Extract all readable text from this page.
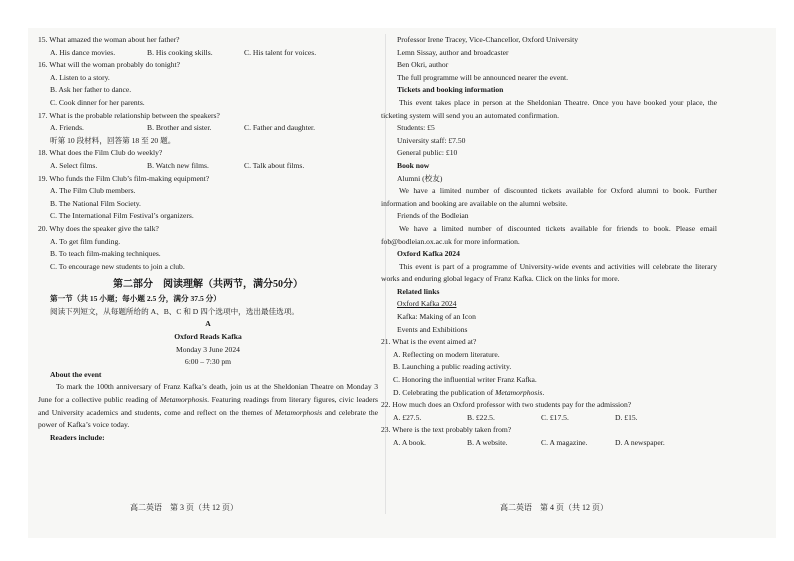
15. What amazed the woman about her father?
A. His dance movies.	B. His cooking skills.	C. His talent for voices.
16. What will the woman probably do tonight?
A. Listen to a story.
B. Ask her father to dance.
C. Cook dinner for her parents.
17. What is the probable relationship between the speakers?
A. Friends.	B. Brother and sister.	C. Father and daughter.
听第 10 段材料，回答第 18 至 20 题。
18. What does the Film Club do weekly?
A. Select films.	B. Watch new films.	C. Talk about films.
19. Who funds the Film Club’s film-making equipment?
A. The Film Club members.
B. The National Film Society.
C. The International Film Festival’s organizers.
20. Why does the speaker give the talk?
A. To get film funding.
B. To teach film-making techniques.
C. To encourage new students to join a club.
第二部分　阅读理解（共两节，满分50分）
第一节（共 15 小题；每小题 2.5 分，满分 37.5 分）
阅读下列短文，从每题所给的 A、B、C 和 D 四个选项中，选出最佳选项。
A
Oxford Reads Kafka
Monday 3 June 2024
6:00 – 7:30 pm
About the event
To mark the 100th anniversary of Franz Kafka’s death, join us at the Sheldonian Theatre on Monday 3 June for a collective public reading of Metamorphosis. Featuring readings from literary figures, civic leaders and University academics and students, come and reflect on the themes of Metamorphosis and celebrate the power of Kafka’s voice today.
Readers include:
高二英语　第 3 页（共 12 页）
Professor Irene Tracey, Vice-Chancellor, Oxford University
Lemn Sissay, author and broadcaster
Ben Okri, author
The full programme will be announced nearer the event.
Tickets and booking information
This event takes place in person at the Sheldonian Theatre. Once you have booked your place, the ticketing system will send you an automated confirmation.
Students: £5
University staff: £7.50
General public: £10
Book now
Alumni (校友)
We have a limited number of discounted tickets available for Oxford alumni to book. Further information and booking are available on the alumni website.
Friends of the Bodleian
We have a limited number of discounted tickets available for friends to book. Please email fob@bodleian.ox.ac.uk for more information.
Oxford Kafka 2024
This event is part of a programme of University-wide events and activities will celebrate the literary works and enduring global legacy of Franz Kafka. Click on the links for more.
Related links
Oxford Kafka 2024
Kafka: Making of an Icon
Events and Exhibitions
21. What is the event aimed at?
A. Reflecting on modern literature.
B. Launching a public reading activity.
C. Honoring the influential writer Franz Kafka.
D. Celebrating the publication of Metamorphosis.
22. How much does an Oxford professor with two students pay for the admission?
A. £27.5.	B. £22.5.	C. £17.5.	D. £15.
23. Where is the text probably taken from?
A. A book.	B. A website.	C. A magazine.	D. A newspaper.
高二英语　第 4 页（共 12 页）
